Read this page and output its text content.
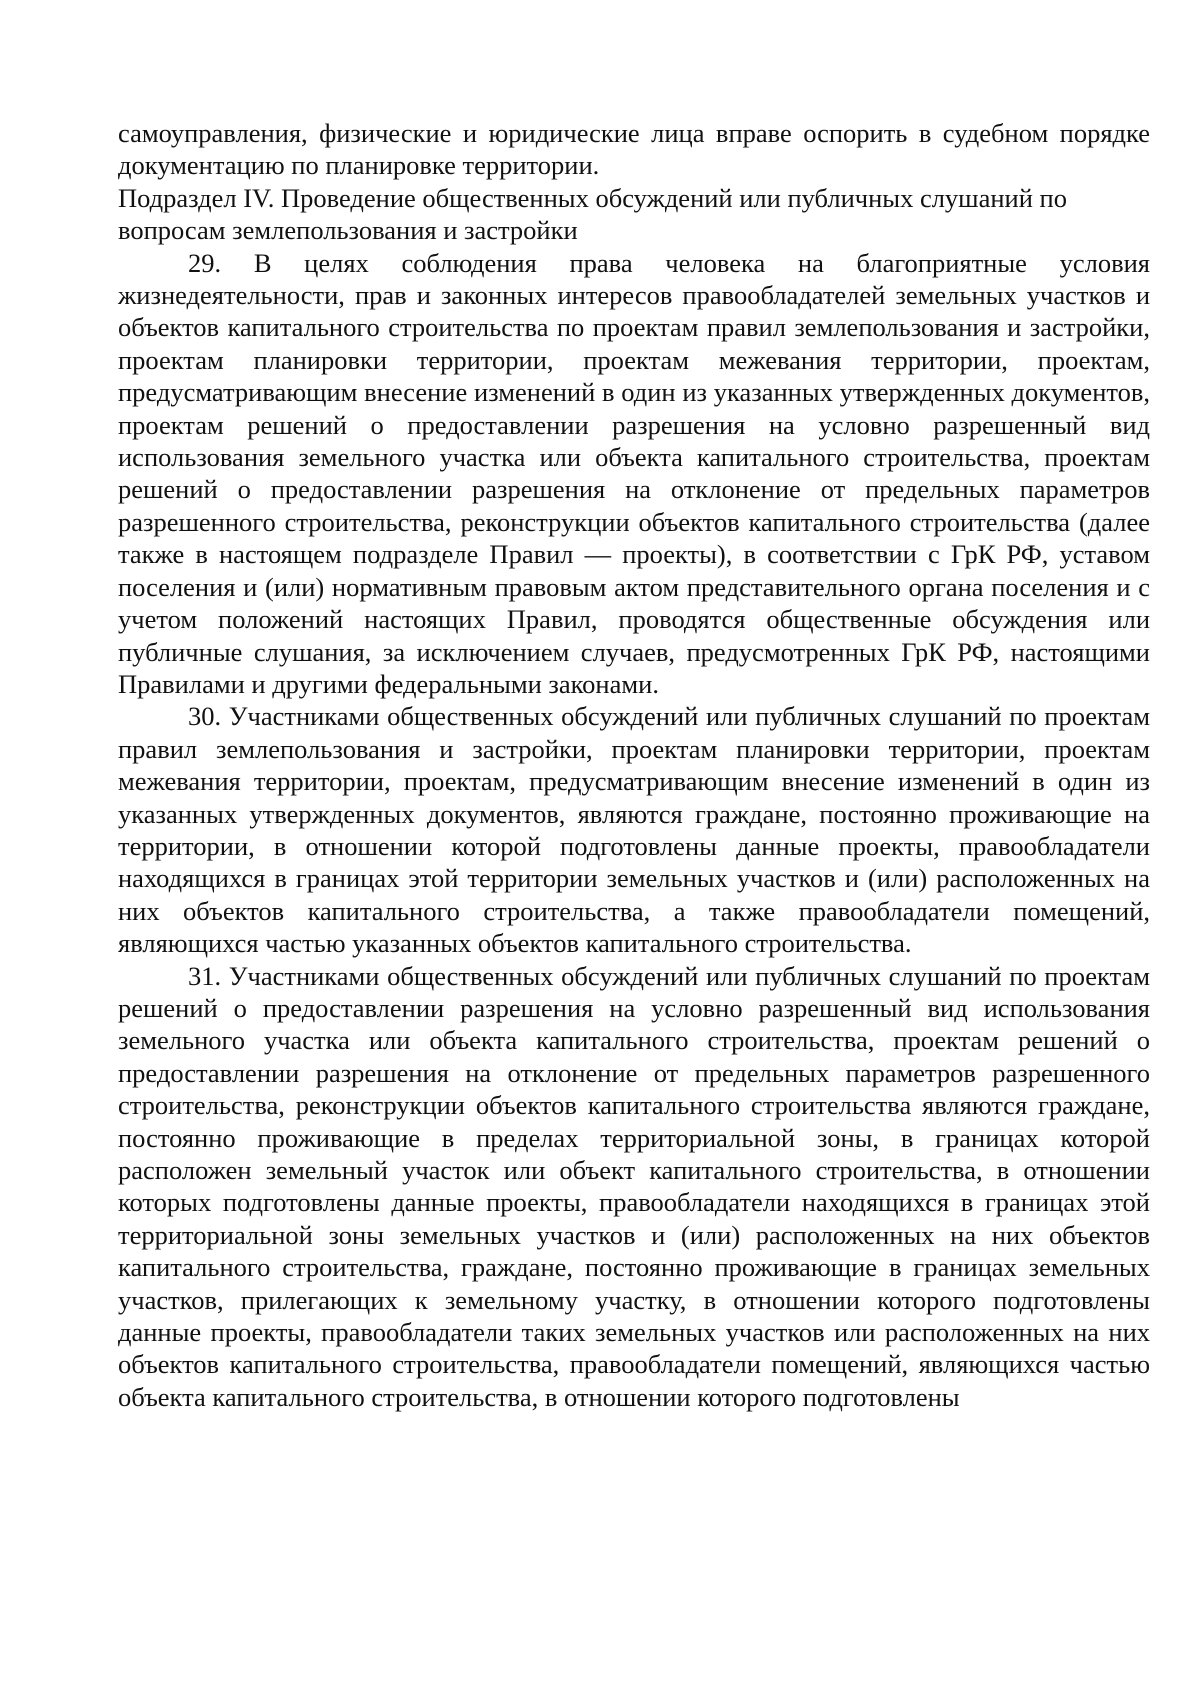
самоуправления, физические и юридические лица вправе оспорить в судебном порядке документацию по планировке территории.

Подраздел IV. Проведение общественных обсуждений или публичных слушаний по
вопросам землепользования и застройки

29. В целях соблюдения права человека на благоприятные условия жизнедеятельности, прав и законных интересов правообладателей земельных участков и объектов капитального строительства по проектам правил землепользования и застройки, проектам планировки территории, проектам межевания территории, проектам, предусматривающим внесение изменений в один из указанных утвержденных документов, проектам решений о предоставлении разрешения на условно разрешенный вид использования земельного участка или объекта капитального строительства, проектам решений о предоставлении разрешения на отклонение от предельных параметров разрешенного строительства, реконструкции объектов капитального строительства (далее также в настоящем подразделе Правил — проекты), в соответствии с ГрК РФ, уставом поселения и (или) нормативным правовым актом представительного органа поселения и с учетом положений настоящих Правил, проводятся общественные обсуждения или публичные слушания, за исключением случаев, предусмотренных ГрК РФ, настоящими Правилами и другими федеральными законами.

30. Участниками общественных обсуждений или публичных слушаний по проектам правил землепользования и застройки, проектам планировки территории, проектам межевания территории, проектам, предусматривающим внесение изменений в один из указанных утвержденных документов, являются граждане, постоянно проживающие на территории, в отношении которой подготовлены данные проекты, правообладатели находящихся в границах этой территории земельных участков и (или) расположенных на них объектов капитального строительства, а также правообладатели помещений, являющихся частью указанных объектов капитального строительства.

31. Участниками общественных обсуждений или публичных слушаний по проектам решений о предоставлении разрешения на условно разрешенный вид использования земельного участка или объекта капитального строительства, проектам решений о предоставлении разрешения на отклонение от предельных параметров разрешенного строительства, реконструкции объектов капитального строительства являются граждане, постоянно проживающие в пределах территориальной зоны, в границах которой расположен земельный участок или объект капитального строительства, в отношении которых подготовлены данные проекты, правообладатели находящихся в границах этой территориальной зоны земельных участков и (или) расположенных на них объектов капитального строительства, граждане, постоянно проживающие в границах земельных участков, прилегающих к земельному участку, в отношении которого подготовлены данные проекты, правообладатели таких земельных участков или расположенных на них объектов капитального строительства, правообладатели помещений, являющихся частью объекта капитального строительства, в отношении которого подготовлены
